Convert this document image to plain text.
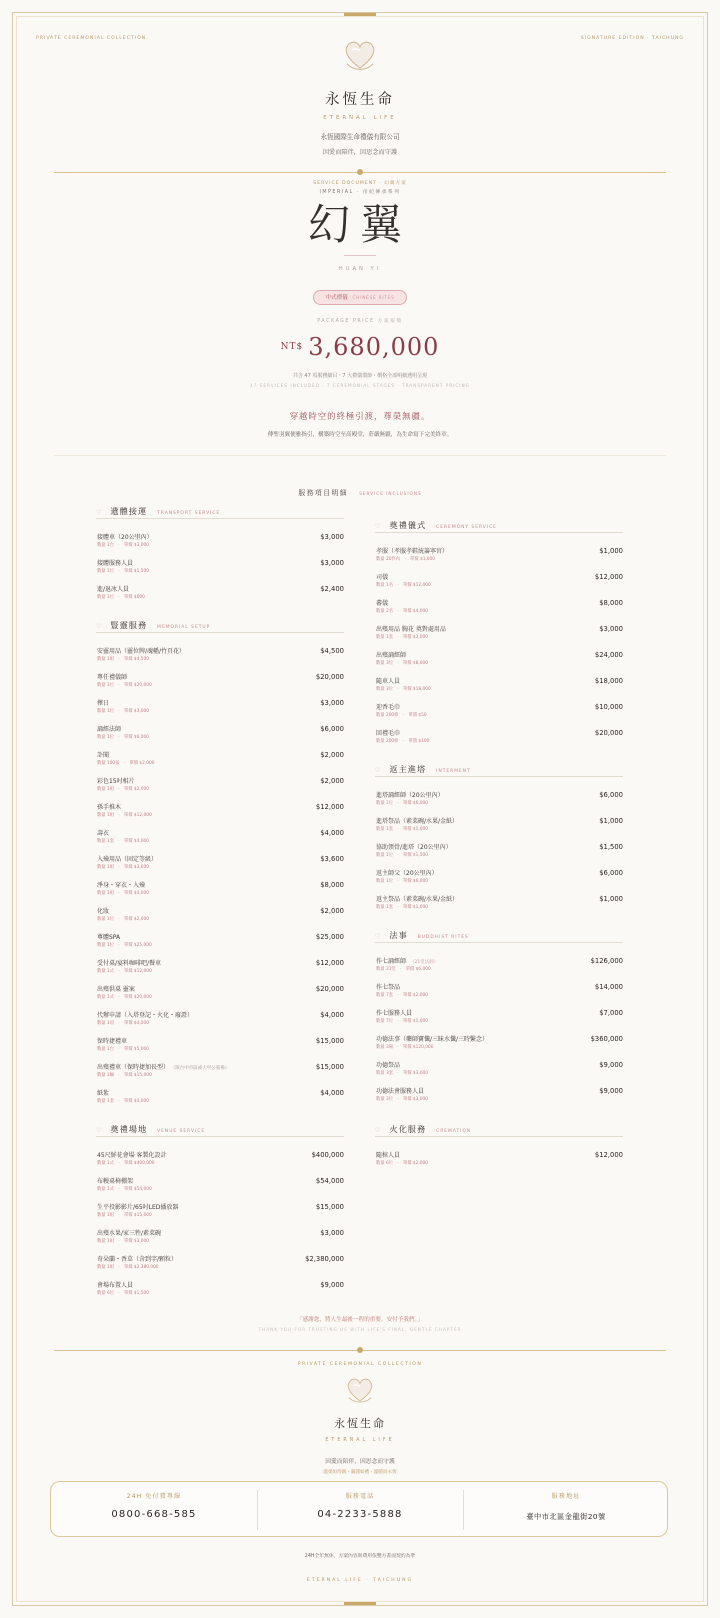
PRIVATE CEREMONIAL COLLECTION	SIGNATURE EDITION · TAICHUNG
永恆生命
ETERNAL LIFE
永恆國際生命禮儀有限公司
因愛而陪伴，因思念而守護
SERVICE DOCUMENT · 幻翼方案
IMPERIAL · 帝紀傳承系列
幻翼
HUAN YI
中式禮儀 CHINESE RITES
PACKAGE PRICE 方案報價
NT$ 3,680,000
共含 47 項服務細目・7 大禮儀環節・價格全部明細透明呈現
47 SERVICES INCLUDED · 7 CEREMONIAL STAGES · TRANSPARENT PRICING
穿越時空的終極引渡，尊榮無疆。
傳聖羽翼便雅指引，構築時空至高殿堂，莊嚴無疆，為生命寫下完美終章。
服務項目明細	SERVICE INCLUSIONS
♡ 遺體接運 TRANSPORT SERVICE
接體車（20公里內）
數量 1台　·　單價 $3,000
$3,000
接體服務人員
數量 1位　·　單價 $1,500
$3,000
進/退冰人員
數量 1位　·　單價 $600
$2,400
♡ 豎靈服務 MEMORIAL SETUP
安靈用品（靈位牌/魂幡/竹頁花）
數量 1組　·　單價 $4,500
$4,500
專任禮儀師
數量 1位　·　單價 $20,000
$20,000
擇日
數量 1位　·　單價 $3,000
$3,000
誦經法師
數量 1位　·　單價 $6,000
$6,000
訃聞
數量 100張　·　單價 $2,000
$2,000
彩色15吋相片
數量 1組　·　單價 $2,000
$2,000
孫手推木
數量 1組　·　單價 $12,000
$12,000
壽衣
數量 1套　·　單價 $4,000
$4,000
入殮用品（固定等級）
數量 1組　·　單價 $3,600
$3,600
淨身・穿衣・入殮
數量 1組　·　單價 $4,000
$8,000
化妝
數量 1位　·　單價 $2,000
$2,000
尊體SPA
數量 1位　·　單價 $25,000
$25,000
受付桌/宴料咖啡吧/餐車
數量 1式　·　單價 $12,000
$12,000
出殯供桌 靈案
數量 1式　·　單價 $20,000
$20,000
代辦申請（入塔登記・火化・廢證）
數量 1項　·　單價 $4,000
$4,000
保時捷禮車
數量 1台　·　單價 $5,000
$15,000
出殯禮車（保時捷加長型） （限台中市區或大甲公墓場）
數量 1輛　·　單價 $15,000
$15,000
紙紮
數量 1套　·　單價 $4,000
$4,000
♡ 奠禮場地 VENUE SERVICE
45尺鮮花會場 客製化設計
數量 1式　·　單價 $400,000
$400,000
布幔桌椅棚架
數量 1式　·　單價 $54,000
$54,000
生平投影影片/65吋LED播放器
數量 1組　·　單價 $15,000
$15,000
出殯水果/家三牲/素菜碗
數量 1組　·　單價 $3,000
$3,000
奇朵蘭・香草（含到字/顆粒）
數量 1組　·　單價 $2,380,000
$2,380,000
會場布置人員
數量 6位　·　單價 $1,500
$9,000
♡ 奠禮儀式 CEREMONY SERVICE
孝服（孝服孝鞋統籌寧宮）
數量 20件內　·　單價 $1,000
$1,000
司儀
數量 1名　·　單價 $12,000
$12,000
蕃儀
數量 2名　·　單價 $4,000
$8,000
出殯用品 胸花 奠對處用品
數量 1套　·　單價 $3,000
$3,000
出殯誦經師
數量 3位　·　單價 $8,000
$24,000
隨車人員
數量 3位　·　單價 $18,000
$18,000
迎香毛巾
數量 200條　·　單價 $50
$10,000
回禮毛巾
數量 200條　·　單價 $100
$20,000
♡ 返主進塔 INTERMENT
進塔誦經師（20公里內）
數量 1位　·　單價 $6,000
$6,000
進塔祭品（素菜碗/水果/金紙）
數量 1套　·　單價 $1,000
$1,000
協助領骨/進塔（20公里內）
數量 1位　·　單價 $1,500
$1,500
返主師父（20公里內）
數量 1位　·　單價 $6,000
$6,000
返主祭品（素菜碗/水果/金紙）
數量 1套　·　單價 $1,000
$1,000
♡ 法事 BUDDHIST RITES
作七誦經師 （21堂法師）
數量 21堂　·　單價 $6,000
$126,000
作七祭品
數量 7套　·　單價 $2,000
$14,000
作七服務人員
數量 7位　·　單價 $1,000
$7,000
功德法事（藥師寶懺/三昧水懺/三時繫念）
數量 3場　·　單價 $120,000
$360,000
功德祭品
數量 3套　·　單價 $3,000
$9,000
功德法會服務人員
數量 3位　·　單價 $3,000
$9,000
♡ 火化服務 CREMATION
隨棺人員
數量 6位　·　單價 $2,000
$12,000
「感謝您，將人生最後一程的重要，安付予我們。」
THANK YOU FOR TRUSTING US WITH LIFE'S FINAL, GENTLE CHAPTER
PRIVATE CEREMONIAL COLLECTION
永恆生命
ETERNAL LIFE
因愛而陪伴，因思念而守護
溫柔如待親・嚴謹如禮・溫暖而永恆
24H 免付費專線
0800-668-585
服務電話
04-2233-5888
服務地址
臺中市北區金龍街20號
24H全年無休，方案內容與費用依雙方書面契約為準
ETERNAL LIFE · TAICHUNG
